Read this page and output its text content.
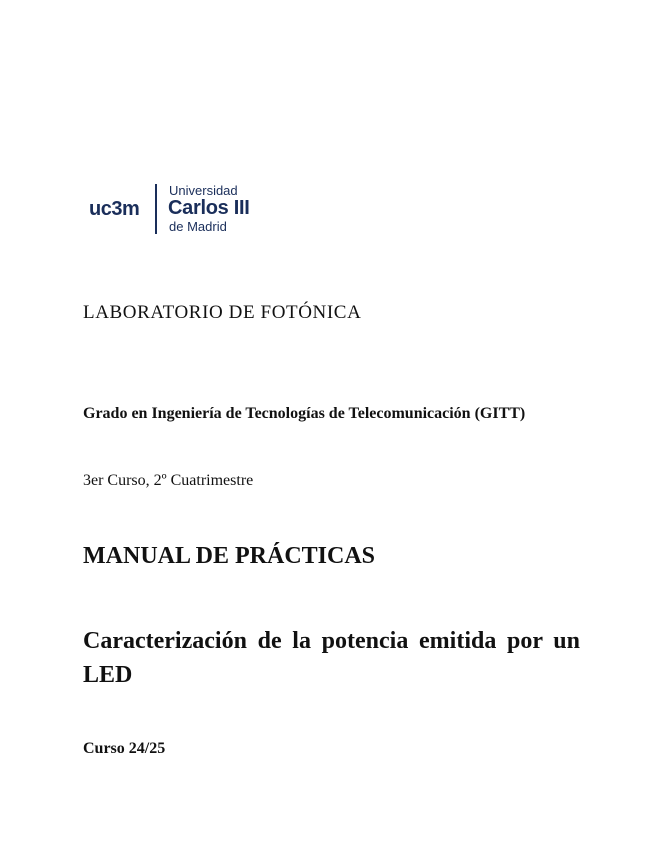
uc3m
Universidad
Carlos III
de Madrid
LABORATORIO DE FOTÓNICA

Grado en Ingeniería de Tecnologías de Telecomunicación (GITT)

3er Curso, 2º Cuatrimestre

MANUAL DE PRÁCTICAS
Caracterización de la potencia emitida por un LED

Curso 24/25
